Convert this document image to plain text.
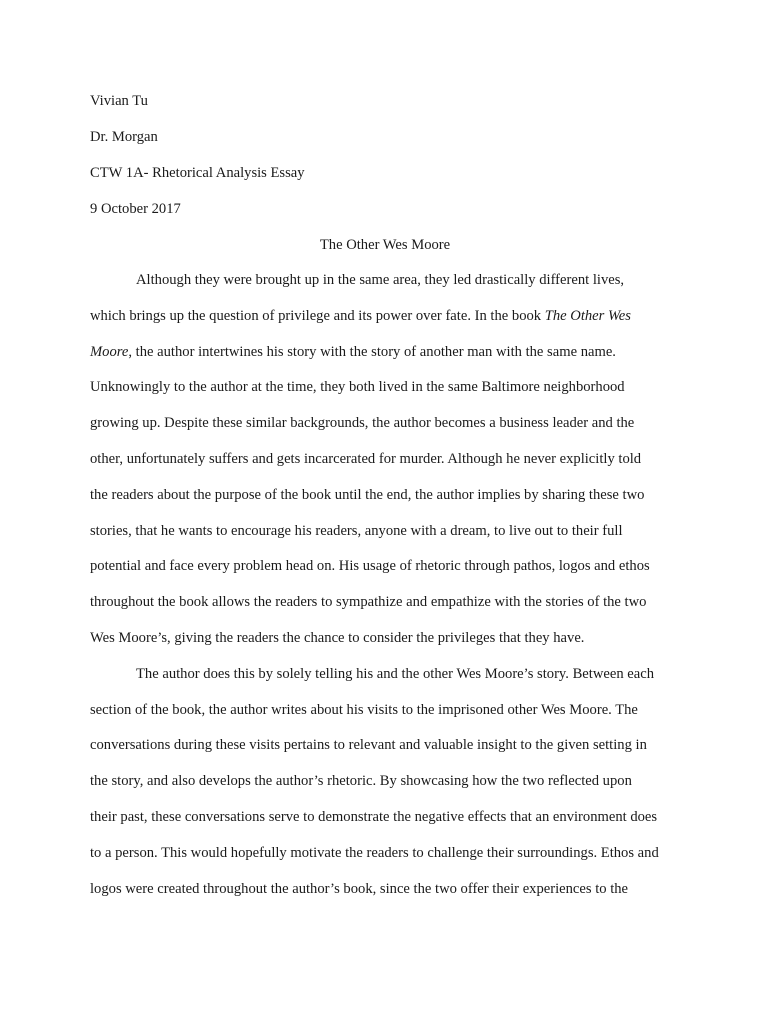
Vivian Tu
Dr. Morgan
CTW 1A- Rhetorical Analysis Essay
9 October 2017
The Other Wes Moore
Although they were brought up in the same area, they led drastically different lives,
which brings up the question of privilege and its power over fate. In the book The Other Wes
Moore, the author intertwines his story with the story of another man with the same name.
Unknowingly to the author at the time, they both lived in the same Baltimore neighborhood
growing up. Despite these similar backgrounds, the author becomes a business leader and the
other, unfortunately suffers and gets incarcerated for murder. Although he never explicitly told
the readers about the purpose of the book until the end, the author implies by sharing these two
stories, that he wants to encourage his readers, anyone with a dream, to live out to their full
potential and face every problem head on. His usage of rhetoric through pathos, logos and ethos
throughout the book allows the readers to sympathize and empathize with the stories of the two
Wes Moore’s, giving the readers the chance to consider the privileges that they have.
The author does this by solely telling his and the other Wes Moore’s story. Between each
section of the book, the author writes about his visits to the imprisoned other Wes Moore. The
conversations during these visits pertains to relevant and valuable insight to the given setting in
the story, and also develops the author’s rhetoric. By showcasing how the two reflected upon
their past, these conversations serve to demonstrate the negative effects that an environment does
to a person. This would hopefully motivate the readers to challenge their surroundings. Ethos and
logos were created throughout the author’s book, since the two offer their experiences to the
